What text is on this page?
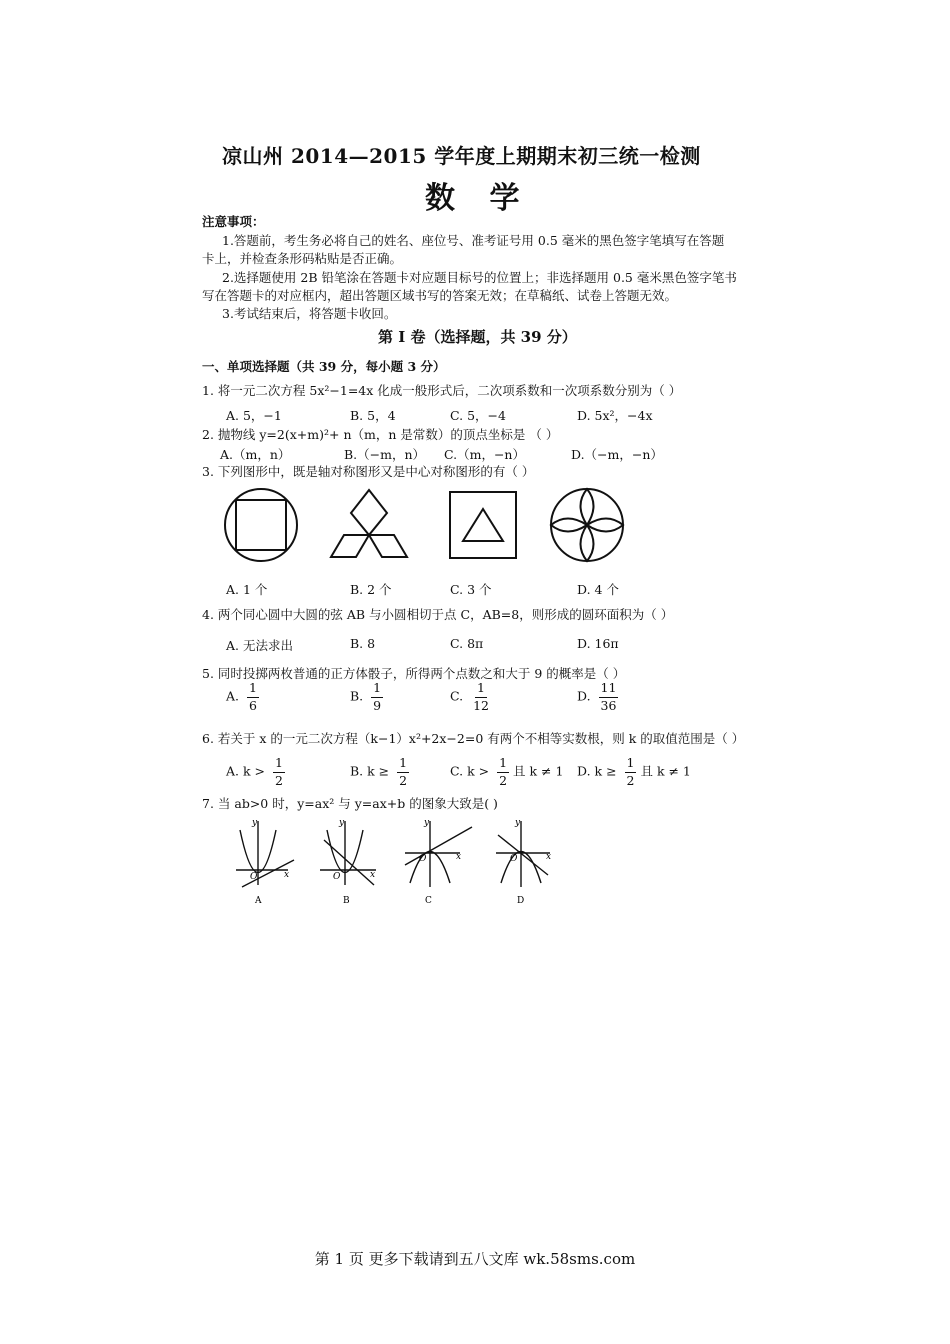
凉山州 2014—2015 学年度上期期末初三统一检测
数 学
注意事项：
1.答题前，考生务必将自己的姓名、座位号、准考证号用 0.5 毫米的黑色签字笔填写在答题
卡上，并检查条形码粘贴是否正确。
2.选择题使用 2B 铅笔涂在答题卡对应题目标号的位置上；非选择题用 0.5 毫米黑色签字笔书
写在答题卡的对应框内，超出答题区域书写的答案无效；在草稿纸、试卷上答题无效。
3.考试结束后，将答题卡收回。
第 Ⅰ 卷（选择题，共 39 分）
一、单项选择题（共 39 分，每小题 3 分）
1. 将一元二次方程 5x²−1=4x 化成一般形式后，二次项系数和一次项系数分别为（ ）
A. 5，−1	B. 5，4	C. 5，−4	D. 5x²，−4x
2. 抛物线 y=2(x+m)²+ n（m，n 是常数）的顶点坐标是 （ ）
A.（m，n）	B.（−m，n） C.（m，−n）	D.（−m，−n）
3. 下列图形中，既是轴对称图形又是中心对称图形的有（ ）
A. 1 个	B. 2 个	C. 3 个	D. 4 个
4. 两个同心圆中大圆的弦 AB 与小圆相切于点 C，AB=8，则形成的圆环面积为（ ）
A. 无法求出	B. 8	C. 8π	D. 16π
5. 同时投掷两枚普通的正方体骰子，所得两个点数之和大于 9 的概率是（ ）
A. $\frac{1}{6}$	B. $\frac{1}{9}$	C. $\frac{1}{12}$	D. $\frac{11}{36}$
6. 若关于 x 的一元二次方程（k−1）x²+2x−2=0 有两个不相等实数根，则 k 的取值范围是（ ）
A. $k > \frac{1}{2}$	B. $k \ge \frac{1}{2}$	C. $k > \frac{1}{2}$ 且 k ≠ 1 D. $k \ge \frac{1}{2}$ 且 k ≠ 1
7. 当 ab>0 时，y=ax² 与 y=ax+b 的图象大致是( )
y
x
O
A
y
x
O
B
y
x
O
C
y
x
O
D
第 1 页 更多下载请到五八文库 wk.58sms.com
